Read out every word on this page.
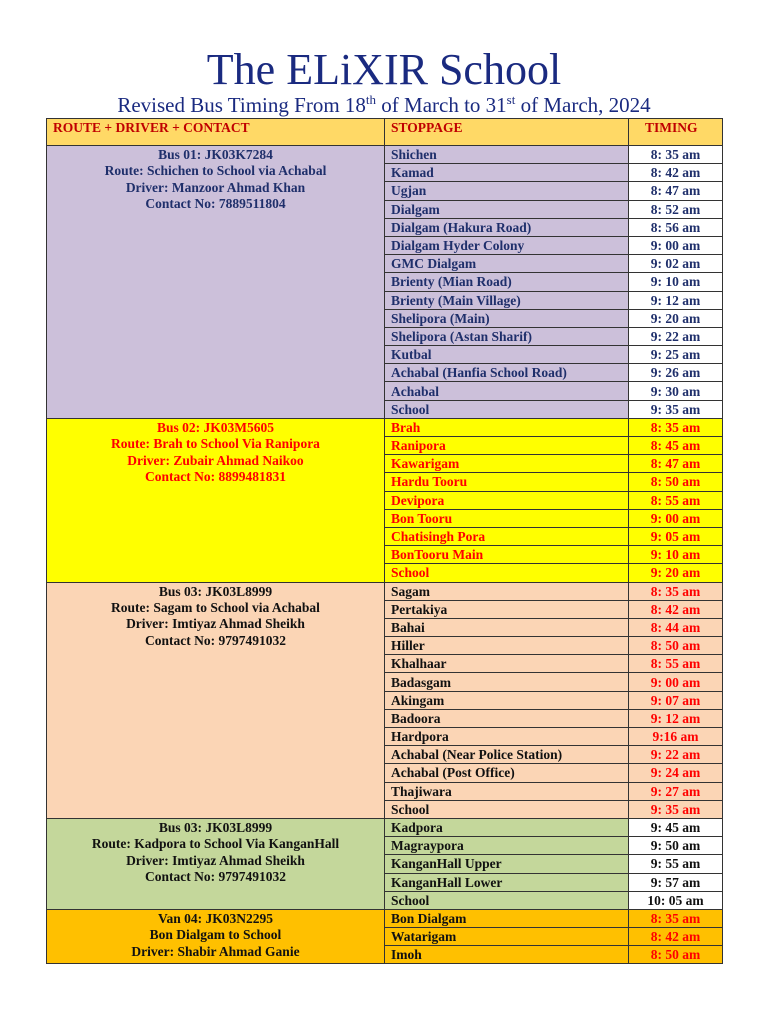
The ELiXIR School
Revised Bus Timing From 18th of March to 31st of March, 2024
ROUTE + DRIVER + CONTACT	STOPPAGE	TIMING

Bus 01: JK03K7284
Route: Schichen to School via Achabal
Driver: Manzoor Ahmad Khan
Contact No: 7889511804	Shichen	8: 35 am
	Kamad	8: 42 am
	Ugjan	8: 47 am
	Dialgam	8: 52 am
	Dialgam (Hakura Road)	8: 56 am
	Dialgam Hyder Colony	9: 00 am
	GMC Dialgam	9: 02 am
	Brienty (Mian Road)	9: 10 am
	Brienty (Main Village)	9: 12 am
	Shelipora (Main)	9: 20 am
	Shelipora (Astan Sharif)	9: 22 am
	Kutbal	9: 25 am
	Achabal (Hanfia School Road)	9: 26 am
	Achabal	9: 30 am
	School	9: 35 am

Bus 02: JK03M5605
Route: Brah to School Via Ranipora
Driver: Zubair Ahmad Naikoo
Contact No: 8899481831	Brah	8: 35 am
	Ranipora	8: 45 am
	Kawarigam	8: 47 am
	Hardu Tooru	8: 50 am
	Devipora	8: 55 am
	Bon Tooru	9: 00 am
	Chatisingh Pora	9: 05 am
	BonTooru Main	9: 10 am
	School	9: 20 am

Bus 03: JK03L8999
Route: Sagam to School via Achabal
Driver: Imtiyaz Ahmad Sheikh
Contact No: 9797491032	Sagam	8: 35 am
	Pertakiya	8: 42 am
	Bahai	8: 44 am
	Hiller	8: 50 am
	Khalhaar	8: 55 am
	Badasgam	9: 00 am
	Akingam	9: 07 am
	Badoora	9: 12 am
	Hardpora	9:16 am
	Achabal (Near Police Station)	9: 22 am
	Achabal (Post Office)	9: 24 am
	Thajiwara	9: 27 am
	School	9: 35 am

Bus 03: JK03L8999
Route: Kadpora to School Via KanganHall
Driver: Imtiyaz Ahmad Sheikh
Contact No: 9797491032	Kadpora	9: 45 am
	Magraypora	9: 50 am
	KanganHall Upper	9: 55 am
	KanganHall Lower	9: 57 am
	School	10: 05 am

Van 04: JK03N2295
Bon Dialgam to School
Driver: Shabir Ahmad Ganie	Bon Dialgam	8: 35 am
	Watarigam	8: 42 am
	Imoh	8: 50 am
